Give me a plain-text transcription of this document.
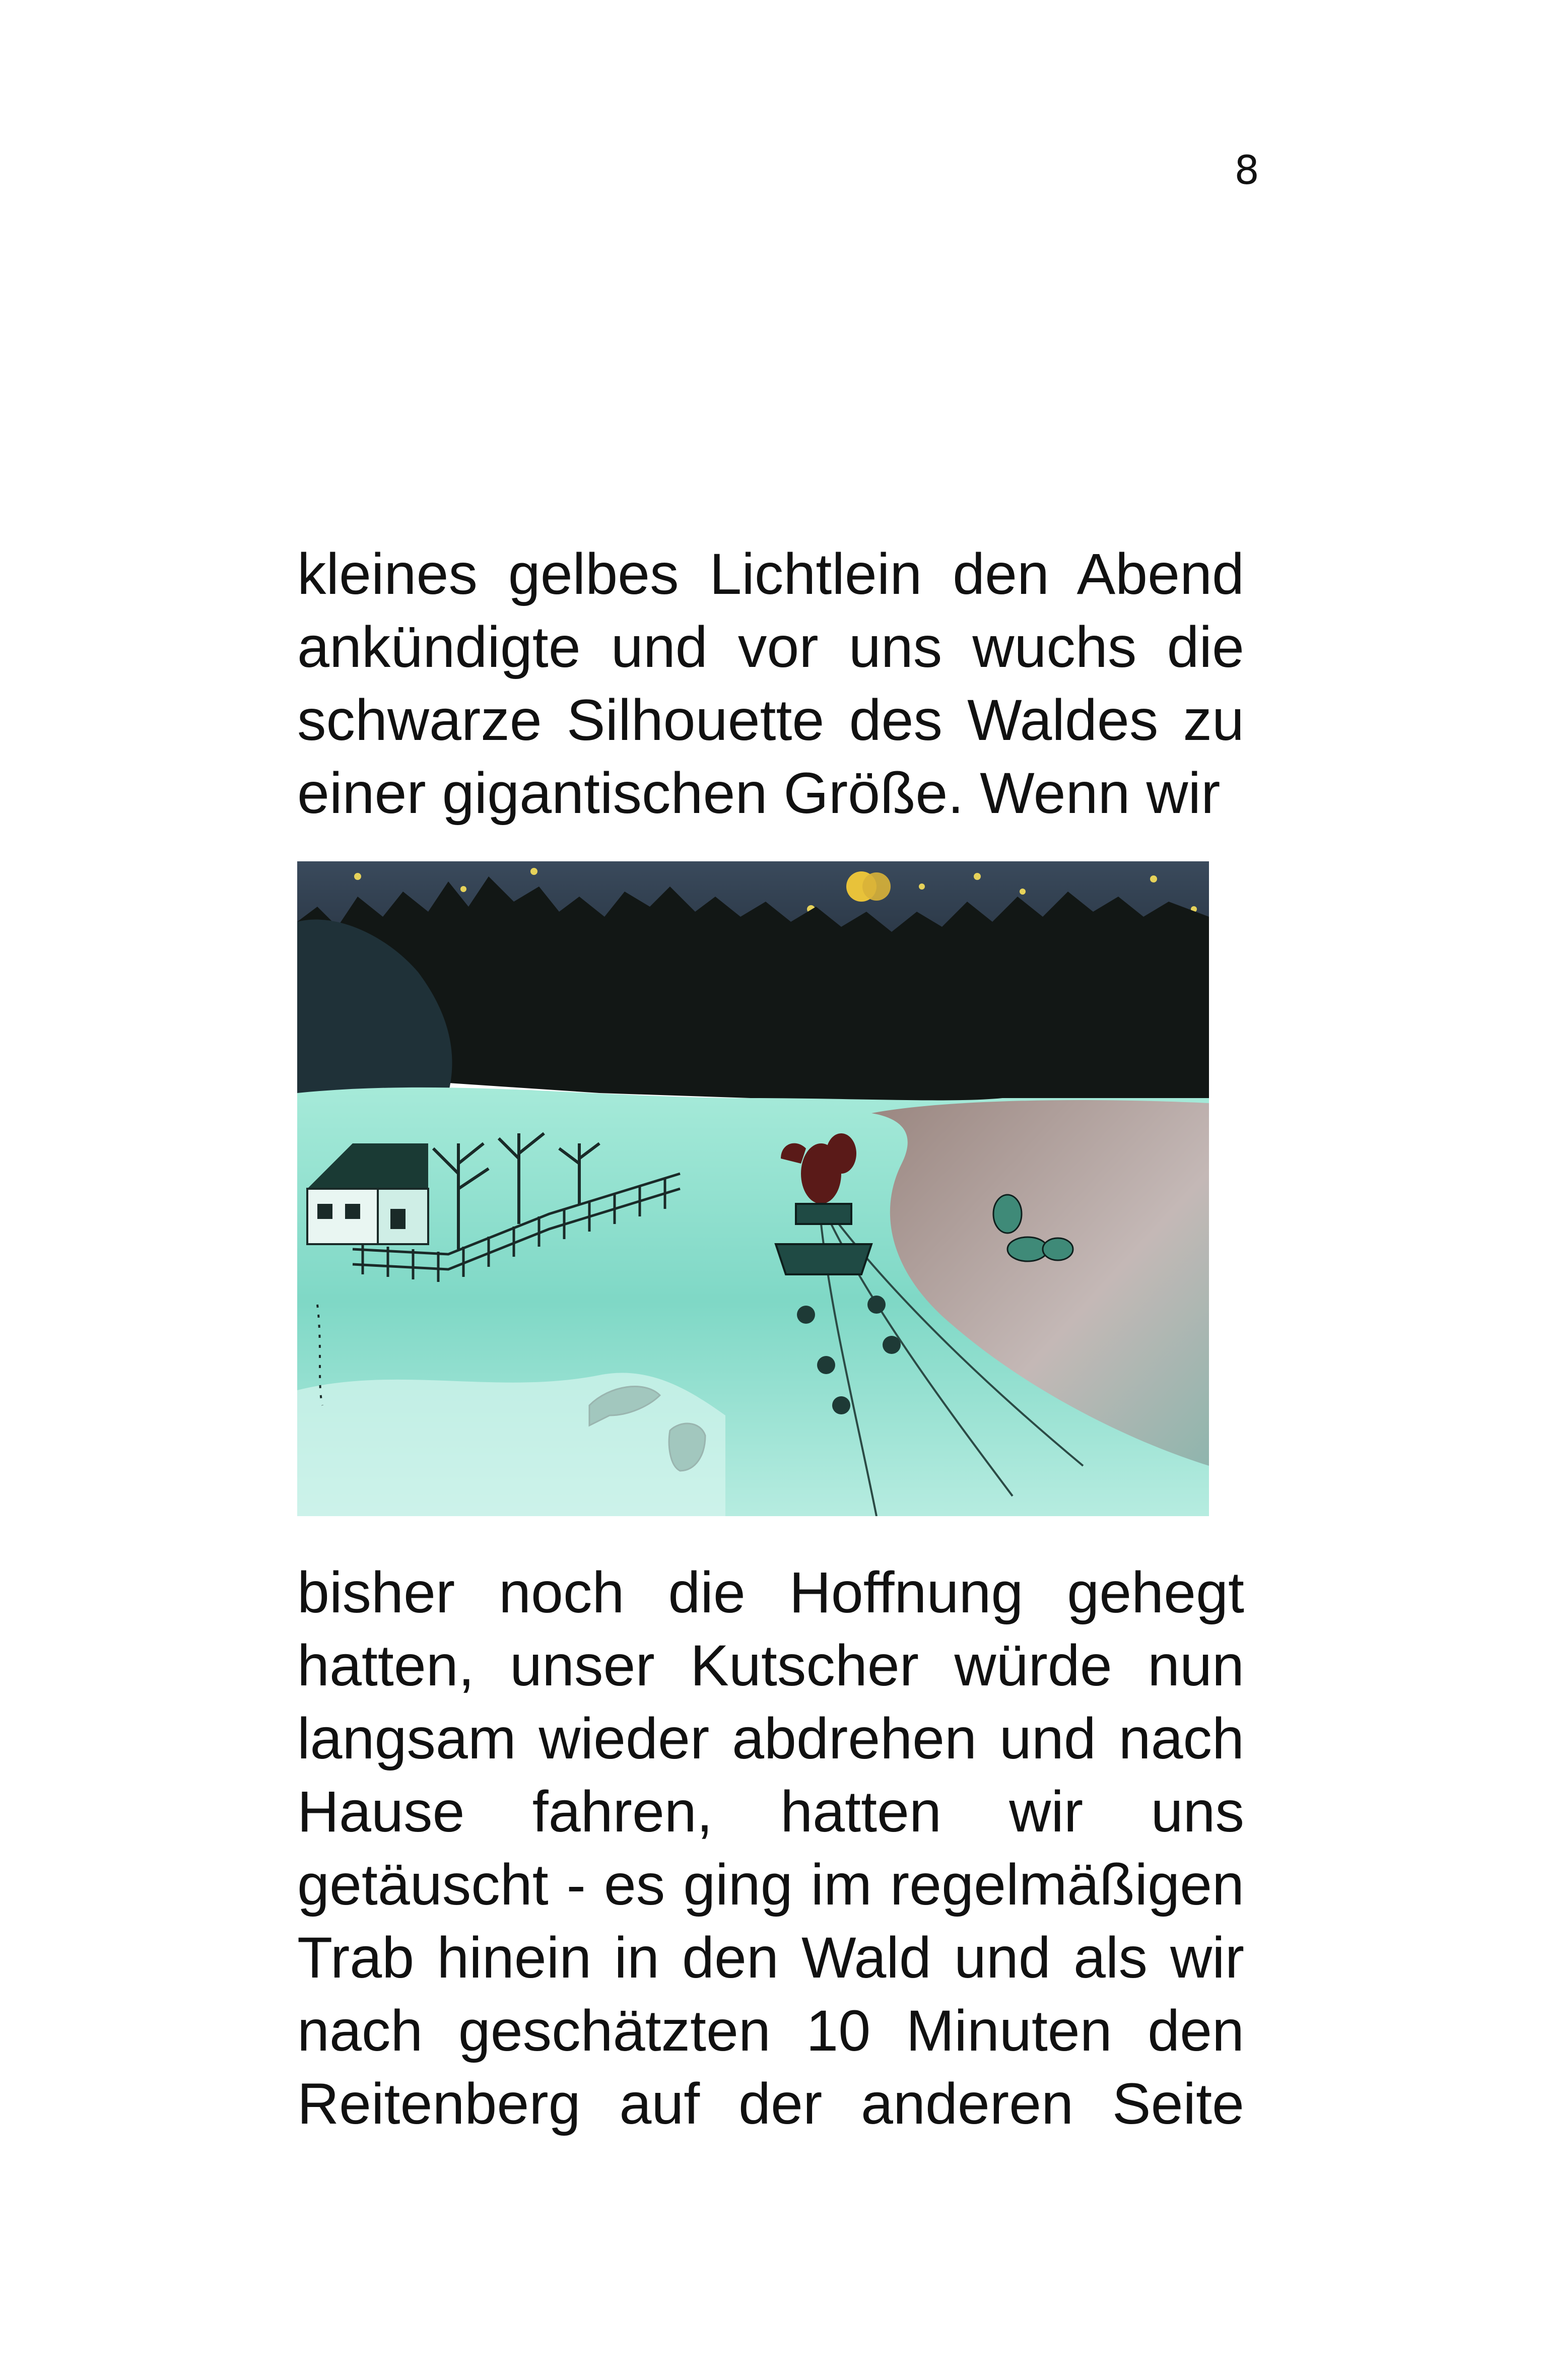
8
kleines gelbes Lichtlein den Abend
ankündigte und vor uns wuchs die
schwarze Silhouette des Waldes zu
einer gigantischen Größe. Wenn wir
bisher noch die Hoffnung gehegt
hatten, unser Kutscher würde nun
langsam wieder abdrehen und nach
Hause fahren, hatten wir uns
getäuscht - es ging im regelmäßigen
Trab hinein in den Wald und als wir
nach geschätzten 10 Minuten den
Reitenberg auf der anderen Seite
